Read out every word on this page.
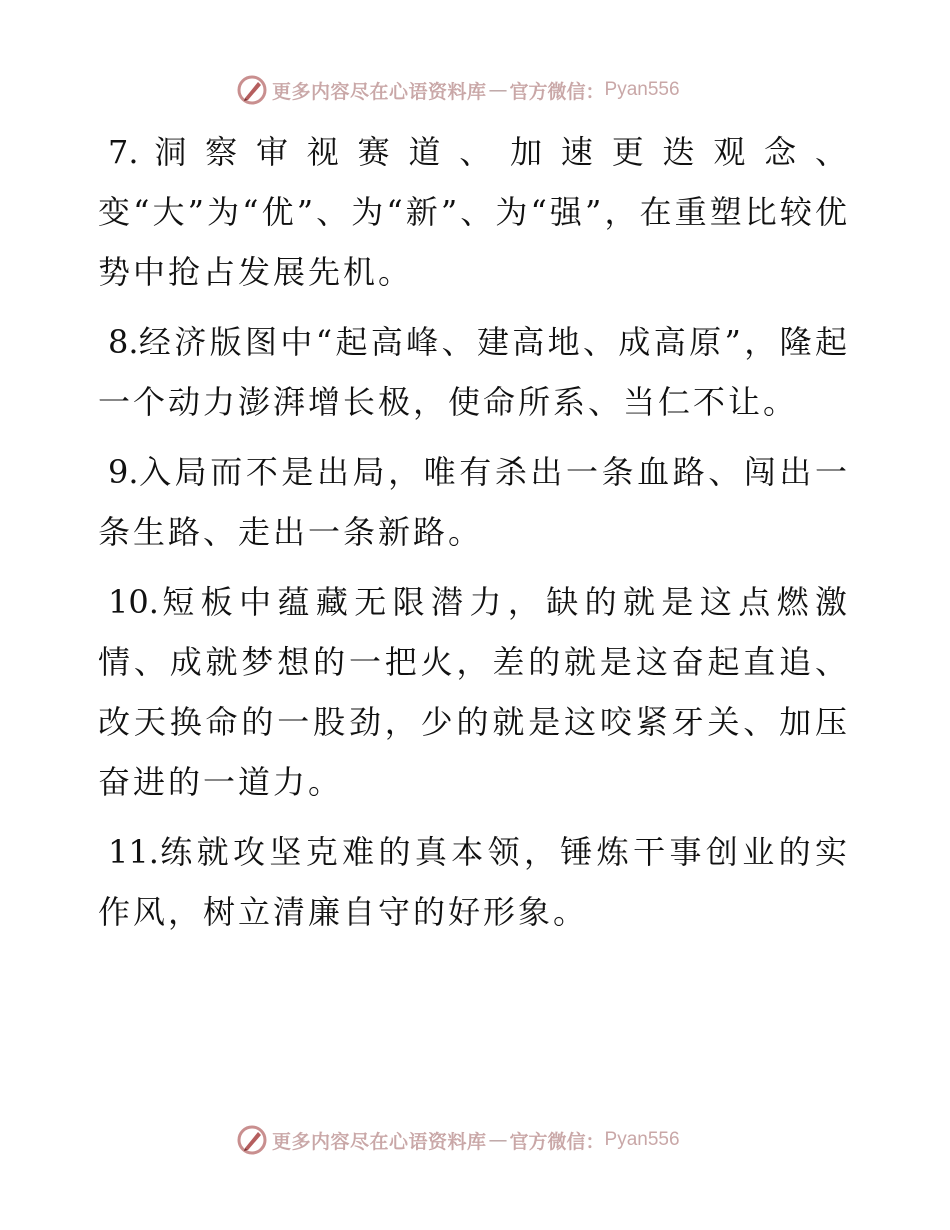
更多内容尽在心语资料库 — 官方微信： Pyan556

7.洞察审视赛道、加速更迭观念、变“大”为“优”、为“新”、为“强”，在重塑比较优势中抢占发展先机。

8.经济版图中“起高峰、建高地、成高原”，隆起一个动力澎湃增长极，使命所系、当仁不让。

9.入局而不是出局，唯有杀出一条血路、闯出一条生路、走出一条新路。

10.短板中蕴藏无限潜力，缺的就是这点燃激情、成就梦想的一把火，差的就是这奋起直追、改天换命的一股劲，少的就是这咬紧牙关、加压奋进的一道力。

11.练就攻坚克难的真本领，锤炼干事创业的实作风，树立清廉自守的好形象。

更多内容尽在心语资料库 — 官方微信： Pyan556
